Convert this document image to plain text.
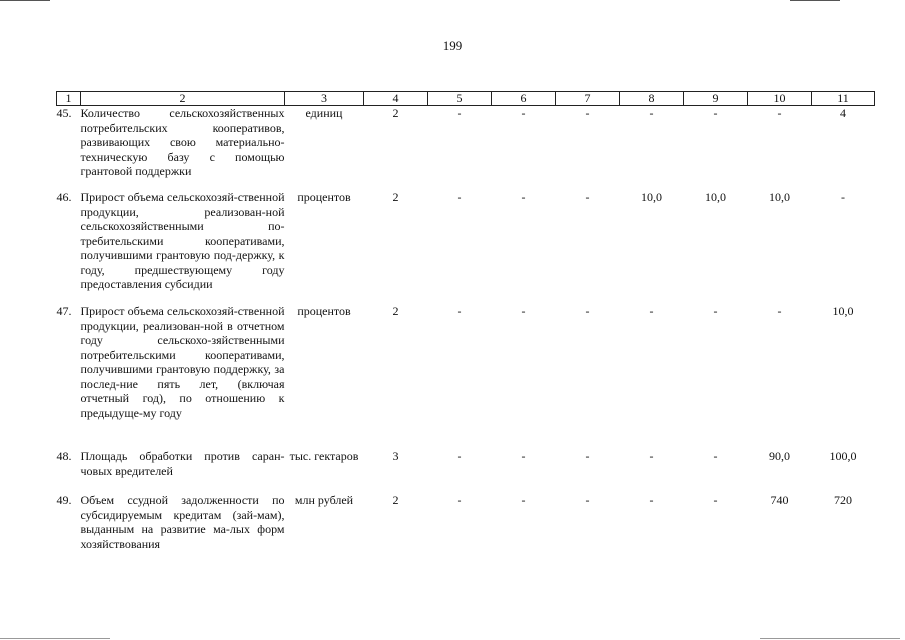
199
1	2	3	4	5	6	7	8	9	10	11
45.	Количество сельскохозяйственных потребительских кооперативов, развивающих свою материально-техническую базу с помощью грантовой поддержки	единиц	2	-	-	-	-	-	-	4
46.	Прирост объема сельскохозяй-ственной продукции, реализован-ной сельскохозяйственными по-требительскими кооперативами, получившими грантовую под-держку, к году, предшествующему году предоставления субсидии	процентов	2	-	-	-	10,0	10,0	10,0	-
47.	Прирост объема сельскохозяй-ственной продукции, реализован-ной в отчетном году сельскохо-зяйственными потребительскими кооперативами, получившими грантовую поддержку, за послед-ние пять лет, (включая отчетный год), по отношению к предыдуще-му году	процентов	2	-	-	-	-	-	-	10,0
48.	Площадь обработки против саран-човых вредителей	тыс. гектаров	3	-	-	-	-	-	90,0	100,0
49.	Объем ссудной задолженности по субсидируемым кредитам (зай-мам), выданным на развитие ма-лых форм хозяйствования	млн рублей	2	-	-	-	-	-	740	720
